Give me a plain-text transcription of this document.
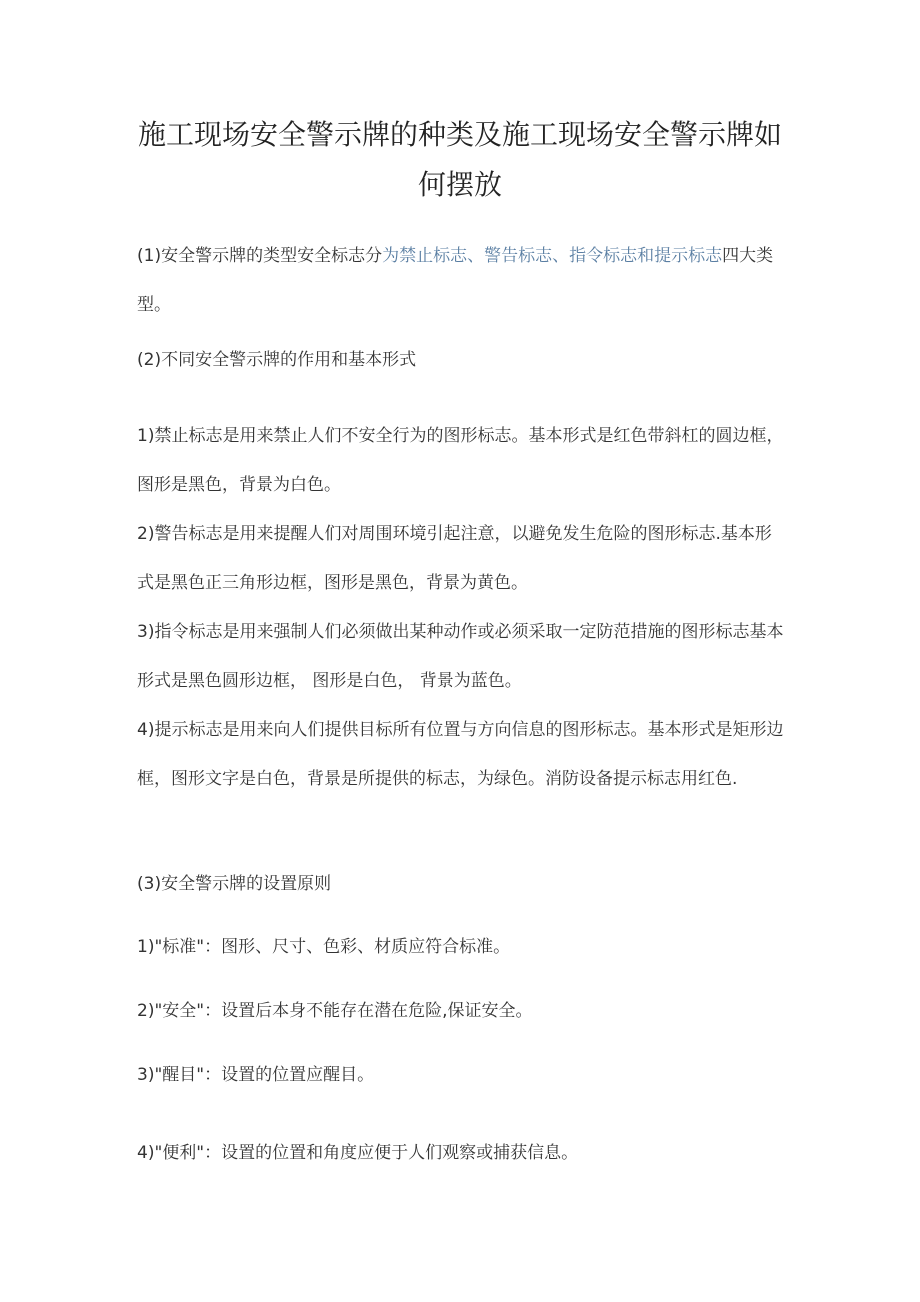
施工现场安全警示牌的种类及施工现场安全警示牌如何摆放

(1)安全警示牌的类型安全标志分为禁止标志、警告标志、指令标志和提示标志四大类型。

(2)不同安全警示牌的作用和基本形式

1)禁止标志是用来禁止人们不安全行为的图形标志。基本形式是红色带斜杠的圆边框，图形是黑色，背景为白色。

2)警告标志是用来提醒人们对周围环境引起注意，以避免发生危险的图形标志.基本形式是黑色正三角形边框，图形是黑色，背景为黄色。

3)指令标志是用来强制人们必须做出某种动作或必须采取一定防范措施的图形标志基本形式是黑色圆形边框， 图形是白色， 背景为蓝色。

4)提示标志是用来向人们提供目标所有位置与方向信息的图形标志。基本形式是矩形边框，图形文字是白色，背景是所提供的标志，为绿色。消防设备提示标志用红色.

(3)安全警示牌的设置原则

1)"标准"：图形、尺寸、色彩、材质应符合标准。

2)"安全"：设置后本身不能存在潜在危险,保证安全。

3)"醒目"：设置的位置应醒目。

4)"便利"：设置的位置和角度应便于人们观察或捕获信息。
